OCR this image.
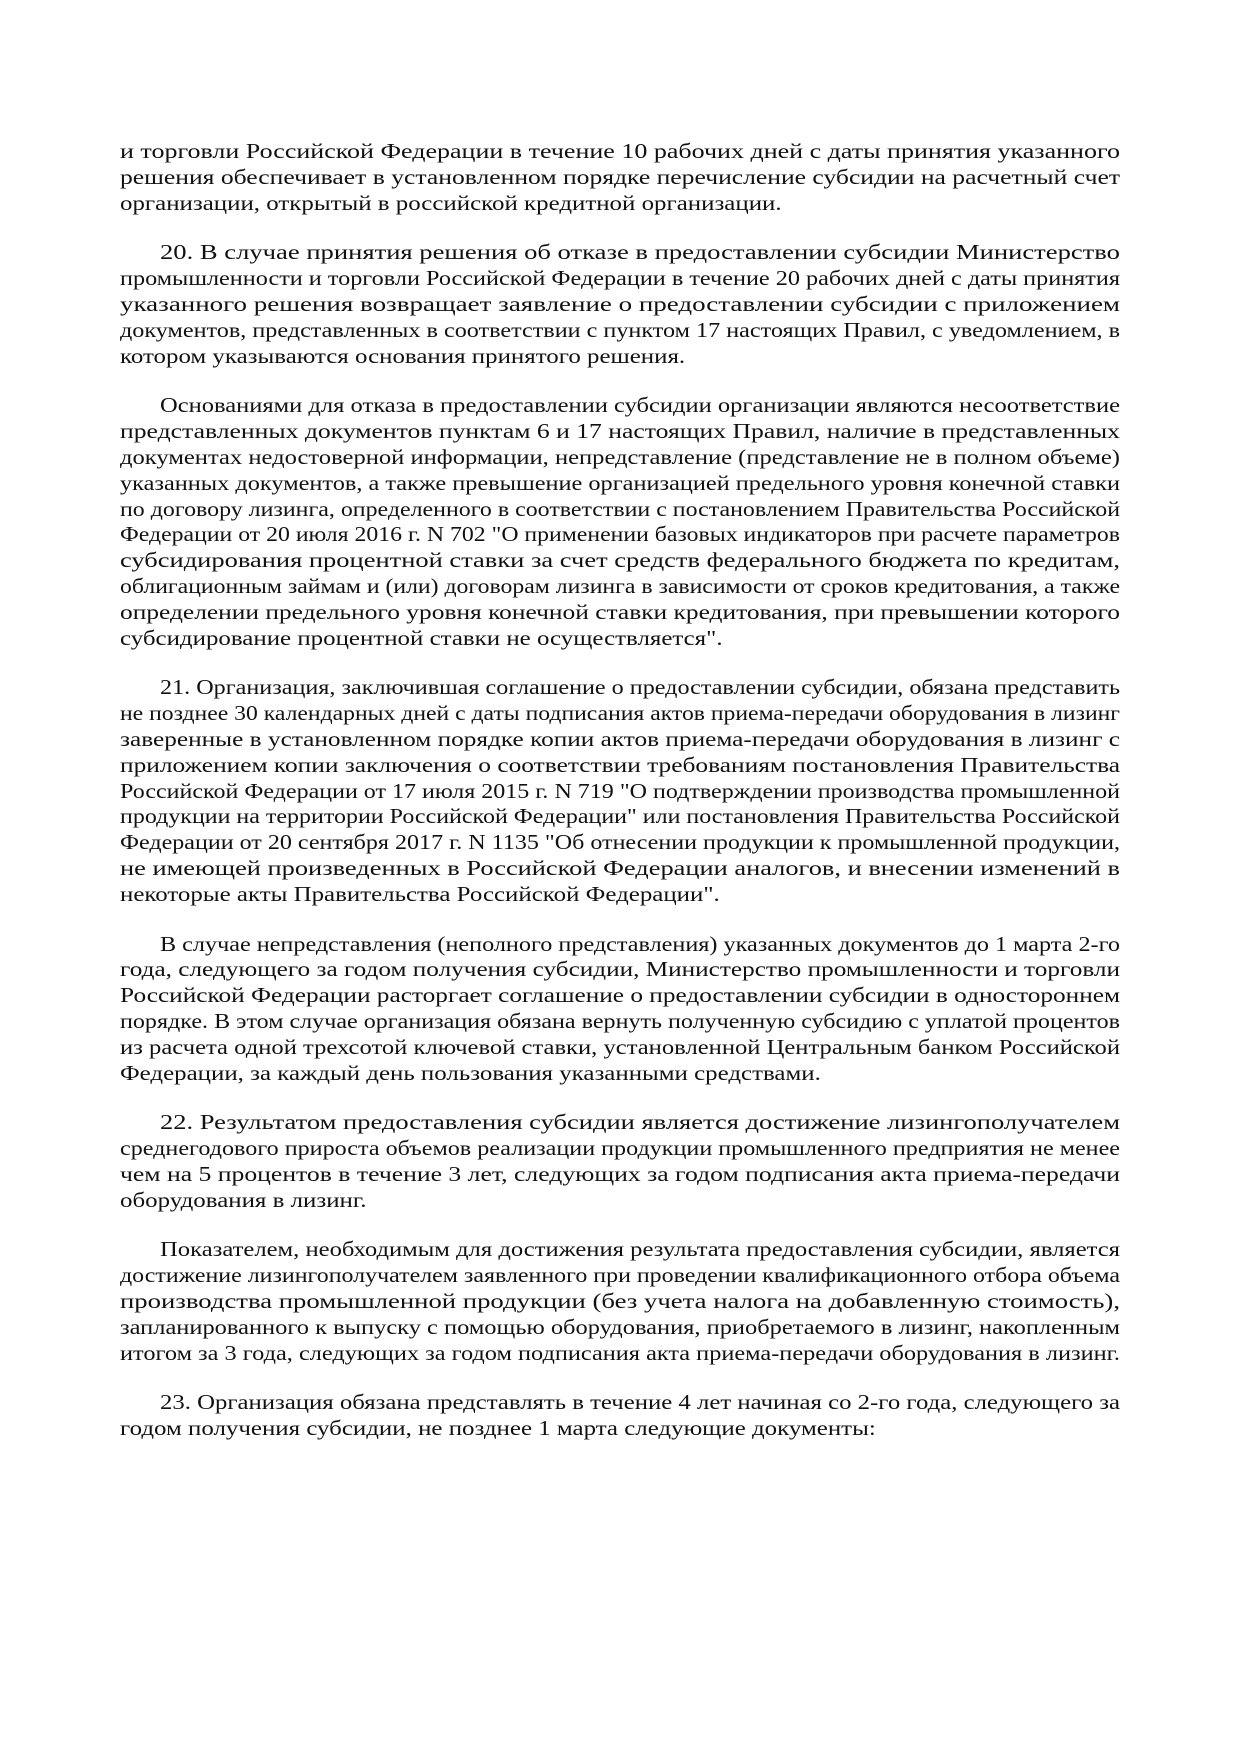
и торговли Российской Федерации в течение 10 рабочих дней с даты принятия указанного
решения обеспечивает в установленном порядке перечисление субсидии на расчетный счет
организации, открытый в российской кредитной организации.
20. В случае принятия решения об отказе в предоставлении субсидии Министерство
промышленности и торговли Российской Федерации в течение 20 рабочих дней с даты принятия
указанного решения возвращает заявление о предоставлении субсидии с приложением
документов, представленных в соответствии с пунктом 17 настоящих Правил, с уведомлением, в
котором указываются основания принятого решения.
Основаниями для отказа в предоставлении субсидии организации являются несоответствие
представленных документов пунктам 6 и 17 настоящих Правил, наличие в представленных
документах недостоверной информации, непредставление (представление не в полном объеме)
указанных документов, а также превышение организацией предельного уровня конечной ставки
по договору лизинга, определенного в соответствии с постановлением Правительства Российской
Федерации от 20 июля 2016 г. N 702 "О применении базовых индикаторов при расчете параметров
субсидирования процентной ставки за счет средств федерального бюджета по кредитам,
облигационным займам и (или) договорам лизинга в зависимости от сроков кредитования, а также
определении предельного уровня конечной ставки кредитования, при превышении которого
субсидирование процентной ставки не осуществляется".
21. Организация, заключившая соглашение о предоставлении субсидии, обязана представить
не позднее 30 календарных дней с даты подписания актов приема-передачи оборудования в лизинг
заверенные в установленном порядке копии актов приема-передачи оборудования в лизинг с
приложением копии заключения о соответствии требованиям постановления Правительства
Российской Федерации от 17 июля 2015 г. N 719 "О подтверждении производства промышленной
продукции на территории Российской Федерации" или постановления Правительства Российской
Федерации от 20 сентября 2017 г. N 1135 "Об отнесении продукции к промышленной продукции,
не имеющей произведенных в Российской Федерации аналогов, и внесении изменений в
некоторые акты Правительства Российской Федерации".
В случае непредставления (неполного представления) указанных документов до 1 марта 2-го
года, следующего за годом получения субсидии, Министерство промышленности и торговли
Российской Федерации расторгает соглашение о предоставлении субсидии в одностороннем
порядке. В этом случае организация обязана вернуть полученную субсидию с уплатой процентов
из расчета одной трехсотой ключевой ставки, установленной Центральным банком Российской
Федерации, за каждый день пользования указанными средствами.
22. Результатом предоставления субсидии является достижение лизингополучателем
среднегодового прироста объемов реализации продукции промышленного предприятия не менее
чем на 5 процентов в течение 3 лет, следующих за годом подписания акта приема-передачи
оборудования в лизинг.
Показателем, необходимым для достижения результата предоставления субсидии, является
достижение лизингополучателем заявленного при проведении квалификационного отбора объема
производства промышленной продукции (без учета налога на добавленную стоимость),
запланированного к выпуску с помощью оборудования, приобретаемого в лизинг, накопленным
итогом за 3 года, следующих за годом подписания акта приема-передачи оборудования в лизинг.
23. Организация обязана представлять в течение 4 лет начиная со 2-го года, следующего за
годом получения субсидии, не позднее 1 марта следующие документы:
